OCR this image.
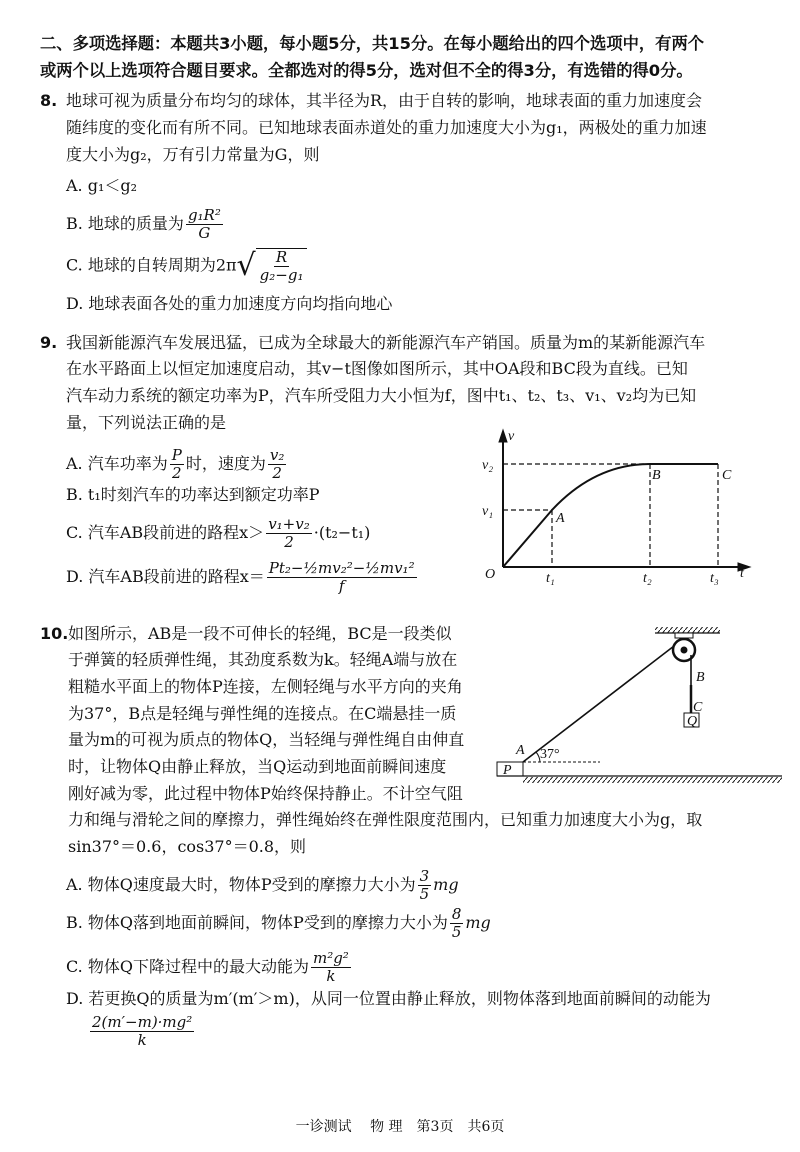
二、多项选择题：本题共3小题，每小题5分，共15分。在每小题给出的四个选项中，有两个
或两个以上选项符合题目要求。全都选对的得5分，选对但不全的得3分，有选错的得0分。
8. 地球可视为质量分布均匀的球体，其半径为R，由于自转的影响，地球表面的重力加速度会
随纬度的变化而有所不同。已知地球表面赤道处的重力加速度大小为g₁，两极处的重力加速
度大小为g₂，万有引力常量为G，则
A. g₁＜g₂
B. 地球的质量为 $\frac{\text{g₁R²}}{G}$
C. 地球的自转周期为2π √ $\frac{R}{\text{g₂−g₁}}$
D. 地球表面各处的重力加速度方向均指向地心
9. 我国新能源汽车发展迅猛，已成为全球最大的新能源汽车产销国。质量为m的某新能源汽车
在水平路面上以恒定加速度启动，其v−t图像如图所示，其中OA段和BC段为直线。已知
汽车动力系统的额定功率为P，汽车所受阻力大小恒为f，图中t₁、t₂、t₃、v₁、v₂均为已知
量，下列说法正确的是
A. 汽车功率为 $\frac{P}{2}$ 时，速度为 $\frac{\text{v₂}}{2}$
B. t₁时刻汽车的功率达到额定功率P
C. 汽车AB段前进的路程$x> \frac{\text{v₁+v₂}}{2} \cdot(t_2-t_1)$
D. 汽车AB段前进的路程$x= \frac{\text{Pt₂−½mv₂²−½mv₁²}}{f}$
10. 如图所示，AB是一段不可伸长的轻绳，BC是一段类似
于弹簧的轻质弹性绳，其劲度系数为k。轻绳A端与放在
粗糙水平面上的物体P连接，左侧轻绳与水平方向的夹角
为37°，B点是轻绳与弹性绳的连接点。在C端悬挂一质
量为m的可视为质点的物体Q，当轻绳与弹性绳自由伸直
时，让物体Q由静止释放，当Q运动到地面前瞬间速度
刚好减为零，此过程中物体P始终保持静止。不计空气阻
力和绳与滑轮之间的摩擦力，弹性绳始终在弹性限度范围内，已知重力加速度大小为g，取
sin37°＝0.6，cos37°＝0.8，则
A. 物体Q速度最大时，物体P受到的摩擦力大小为 $\frac{3}{5}$ mg
B. 物体Q落到地面前瞬间，物体P受到的摩擦力大小为 $\frac{8}{5}$ mg
C. 物体Q下降过程中的最大动能为 $\frac{\text{m²g²}}{k}$
D. 若更换Q的质量为m′(m′＞m)，从同一位置由静止释放，则物体落到地面前瞬间的动能为
$\frac{\text{2(m′−m)·mg²}}{k}$
一诊测试　 物 理　第3页　共6页
v
t
O
v₂
v₁
t₁	t₂	t₃
A
B	C
A
B
C
P
Q
37°
